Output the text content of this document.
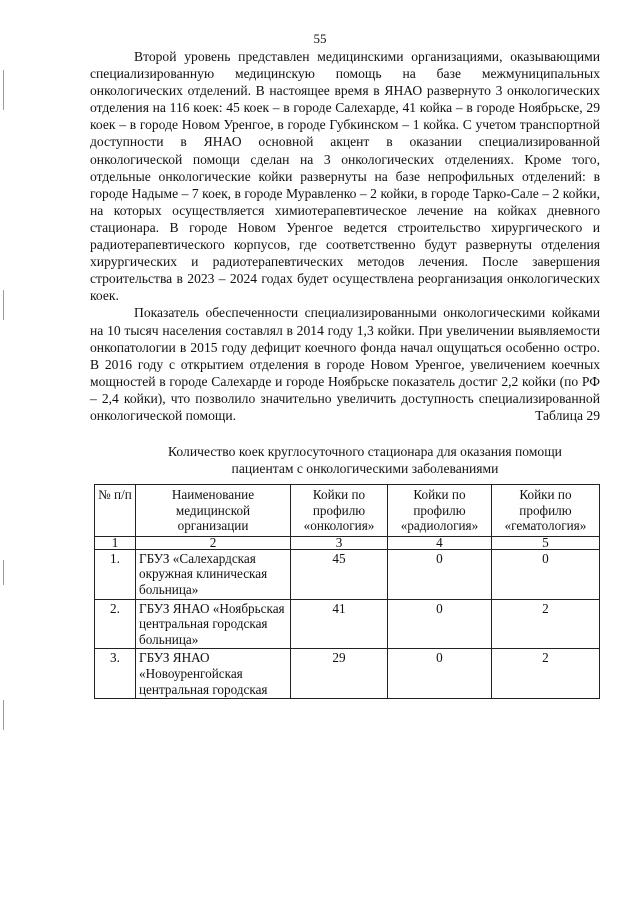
55

Второй уровень представлен медицинскими организациями, оказывающими специализированную медицинскую помощь на базе межмуниципальных онкологических отделений. В настоящее время в ЯНАО развернуто 3 онкологических отделения на 116 коек: 45 коек – в городе Салехарде, 41 койка – в городе Ноябрьске, 29 коек – в городе Новом Уренгое, в городе Губкинском – 1 койка. С учетом транспортной доступности в ЯНАО основной акцент в оказании специализированной онкологической помощи сделан на 3 онкологических отделениях. Кроме того, отдельные онкологические койки развернуты на базе непрофильных отделений: в городе Надыме – 7 коек, в городе Муравленко – 2 койки, в городе Тарко-Сале – 2 койки, на которых осуществляется химиотерапевтическое лечение на койках дневного стационара. В городе Новом Уренгое ведется строительство хирургического и радиотерапевтического корпусов, где соответственно будут развернуты отделения хирургических и радиотерапевтических методов лечения. После завершения строительства в 2023 – 2024 годах будет осуществлена реорганизация онкологических коек.

Показатель обеспеченности специализированными онкологическими койками на 10 тысяч населения составлял в 2014 году 1,3 койки. При увеличении выявляемости онкопатологии в 2015 году дефицит коечного фонда начал ощущаться особенно остро. В 2016 году с открытием отделения в городе Новом Уренгое, увеличением коечных мощностей в городе Салехарде и городе Ноябрьске показатель достиг 2,2 койки (по РФ – 2,4 койки), что позволило значительно увеличить доступность специализированной онкологической помощи.	Таблица 29
Количество коек круглосуточного стационара для оказания помощи
пациентам с онкологическими заболеваниями
№ п/п	Наименование медицинской организации	Койки по профилю «онкология»	Койки по профилю «радиология»	Койки по профилю «гематология»
1	2	3	4	5
1.	ГБУЗ «Салехардская окружная клиническая больница»	45	0	0
2.	ГБУЗ ЯНАО «Ноябрьская центральная городская больница»	41	0	2
3.	ГБУЗ ЯНАО «Новоуренгойская центральная городская	29	0	2
